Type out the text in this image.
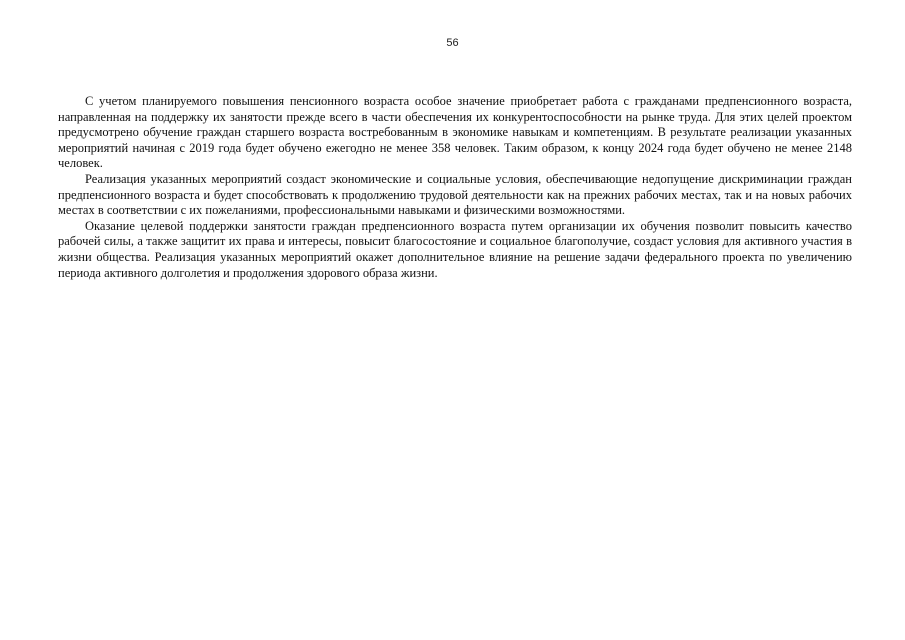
56

С учетом планируемого повышения пенсионного возраста особое значение приобретает работа с гражданами предпенсионного возраста, направленная на поддержку их занятости прежде всего в части обеспечения их конкурентоспособности на рынке труда. Для этих целей проектом предусмотрено обучение граждан старшего возраста востребованным в экономике навыкам и компетенциям. В результате реализации указанных мероприятий начиная с 2019 года будет обучено ежегодно не менее 358 человек. Таким образом, к концу 2024 года будет обучено не менее 2148 человек.

Реализация указанных мероприятий создаст экономические и социальные условия, обеспечивающие недопущение дискриминации граждан предпенсионного возраста и будет способствовать к продолжению трудовой деятельности как на прежних рабочих местах, так и на новых рабочих местах в соответствии с их пожеланиями, профессиональными навыками и физическими возможностями.

Оказание целевой поддержки занятости граждан предпенсионного возраста путем организации их обучения позволит повысить качество рабочей силы, а также защитит их права и интересы, повысит благосостояние и социальное благополучие, создаст условия для активного участия в жизни общества. Реализация указанных мероприятий окажет дополнительное влияние на решение задачи федерального проекта по увеличению периода активного долголетия и продолжения здорового образа жизни.
